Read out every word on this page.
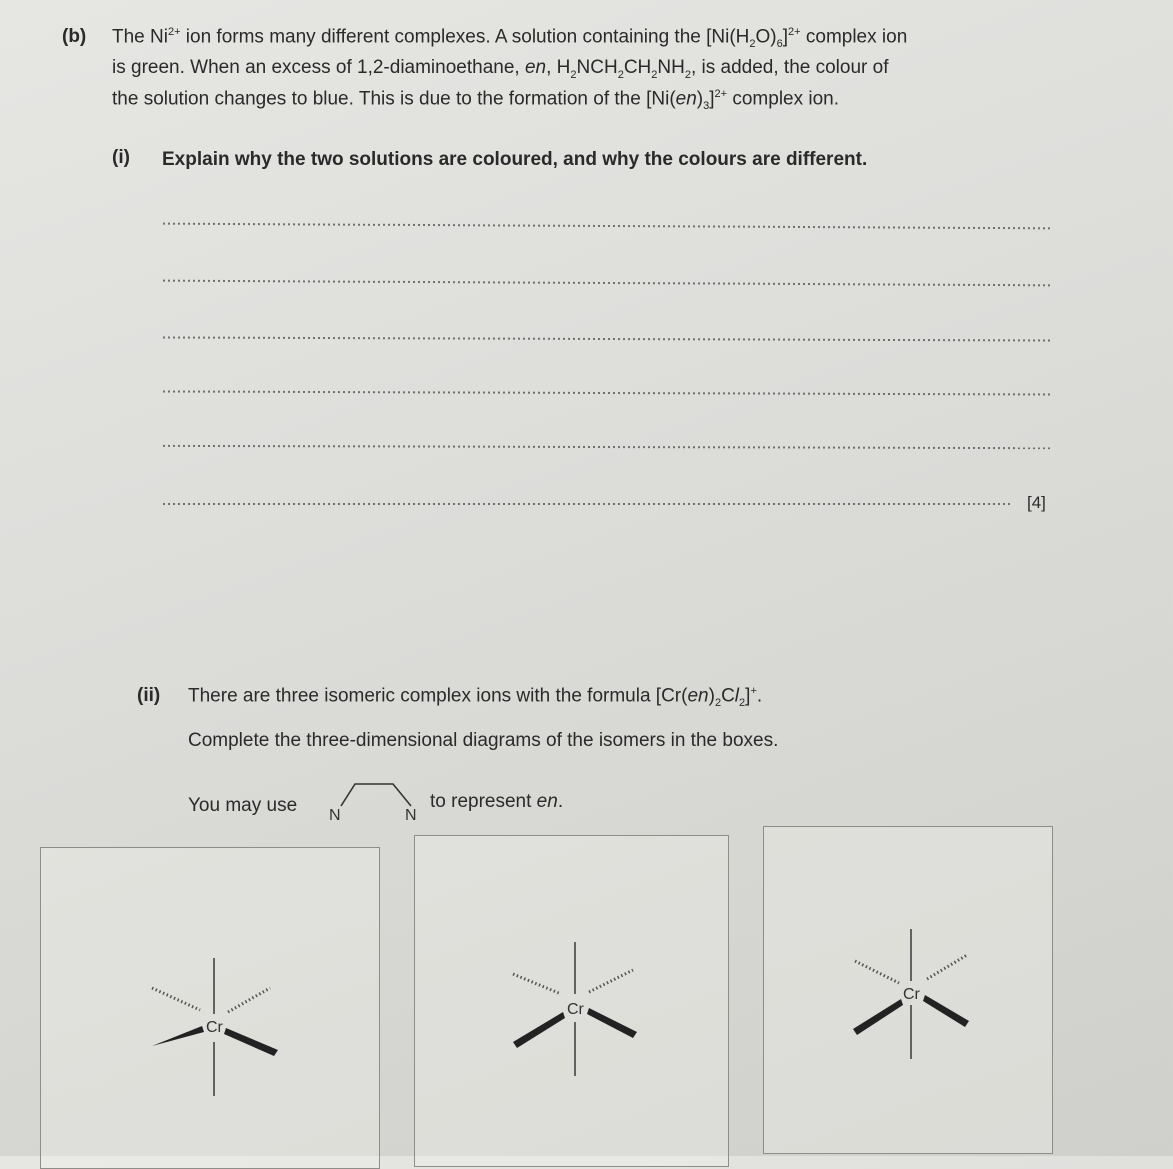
(b) The $Ni^{2+}$ ion forms many different complexes. A solution containing the $[Ni(H_2O)_6]^{2+}$ complex ion
is green. When an excess of 1,2-diaminoethane, en, $H_2NCH_2CH_2NH_2$, is added, the colour of
the solution changes to blue. This is due to the formation of the $[Ni(en)_3]^{2+}$ complex ion.
(i) Explain why the two solutions are coloured, and why the colours are different.
[4]
(ii) There are three isomeric complex ions with the formula $[Cr(en)_2Cl_2]^+$.
Complete the three-dimensional diagrams of the isomers in the boxes.
You may use N	N
to represent en.
Cr
Cr
Cr
